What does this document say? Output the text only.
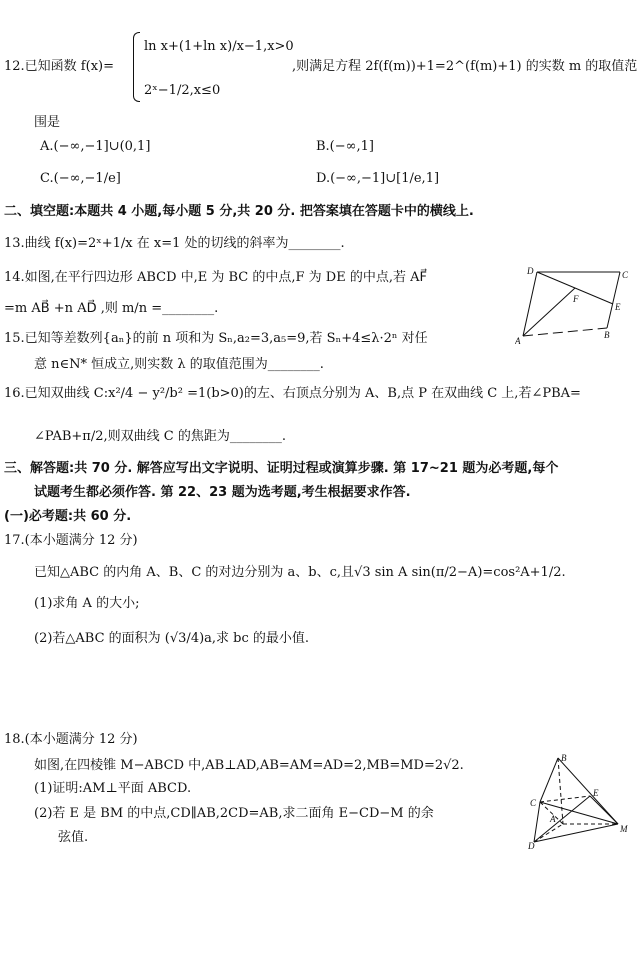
12.已知函数 f(x)=
ln x+(1+ln x)/x−1,x>0
2ˣ−1/2,x≤0
,则满足方程 2f(f(m))+1=2^(f(m)+1) 的实数 m 的取值范
围是
A.(−∞,−1]∪(0,1]	B.(−∞,1]
C.(−∞,−1/e]	D.(−∞,−1]∪[1/e,1]
二、填空题:本题共 4 小题,每小题 5 分,共 20 分. 把答案填在答题卡中的横线上.
13.曲线 f(x)=2ˣ+1/x 在 x=1 处的切线的斜率为________.
14.如图,在平行四边形 ABCD 中,E 为 BC 的中点,F 为 DE 的中点,若 AF⃗
=m AB⃗ +n AD⃗ ,则 m/n =________.
D	C
F
E
A
B
15.已知等差数列{aₙ}的前 n 项和为 Sₙ,a₂=3,a₅=9,若 Sₙ+4≤λ·2ⁿ 对任
意 n∈N* 恒成立,则实数 λ 的取值范围为________.
16.已知双曲线 C:x²/4 − y²/b² =1(b>0)的左、右顶点分别为 A、B,点 P 在双曲线 C 上,若∠PBA=
∠PAB+π/2,则双曲线 C 的焦距为________.
三、解答题:共 70 分. 解答应写出文字说明、证明过程或演算步骤. 第 17~21 题为必考题,每个
试题考生都必须作答. 第 22、23 题为选考题,考生根据要求作答.
(一)必考题:共 60 分.
17.(本小题满分 12 分)
已知△ABC 的内角 A、B、C 的对边分别为 a、b、c,且√3 sin A sin(π/2−A)=cos²A+1/2.
(1)求角 A 的大小;
(2)若△ABC 的面积为 (√3/4)a,求 bc 的最小值.
18.(本小题满分 12 分)
如图,在四棱锥 M−ABCD 中,AB⊥AD,AB=AM=AD=2,MB=MD=2√2.
(1)证明:AM⊥平面 ABCD.
(2)若 E 是 BM 的中点,CD∥AB,2CD=AB,求二面角 E−CD−M 的余
弦值.
B
C
E
A
M
D
